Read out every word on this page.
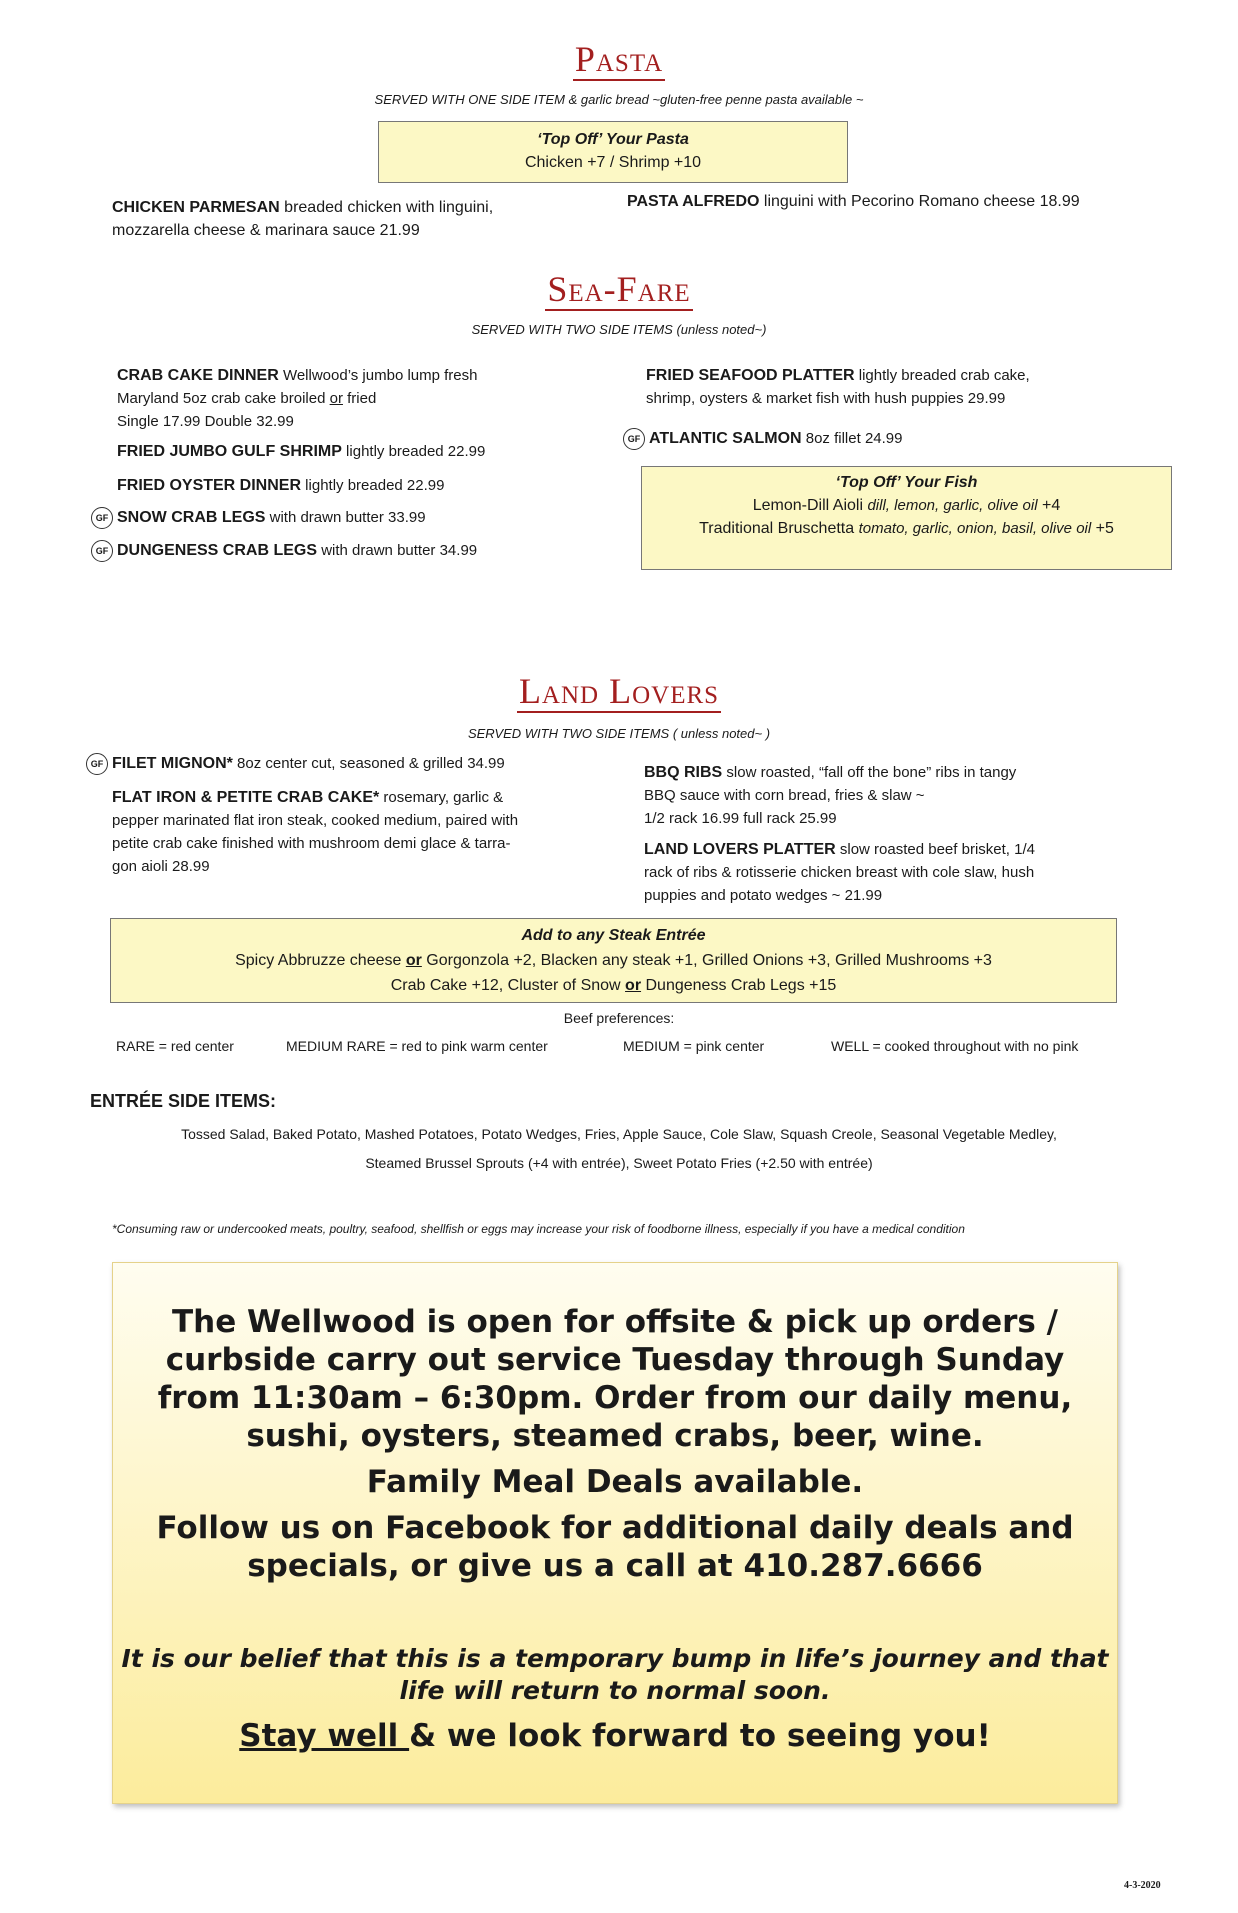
Pasta
SERVED WITH ONE SIDE ITEM & garlic bread ~gluten-free penne pasta available ~
‘Top Off’ Your Pasta
Chicken +7 / Shrimp +10
CHICKEN PARMESAN breaded chicken with linguini,
mozzarella cheese & marinara sauce 21.99
PASTA ALFREDO linguini with Pecorino Romano cheese 18.99
Sea-Fare
SERVED WITH TWO SIDE ITEMS (unless noted~)
CRAB CAKE DINNER Wellwood’s jumbo lump fresh
Maryland 5oz crab cake broiled or fried
Single 17.99 Double 32.99
FRIED JUMBO GULF SHRIMP lightly breaded 22.99
FRIED OYSTER DINNER lightly breaded 22.99
GF SNOW CRAB LEGS with drawn butter 33.99
GF DUNGENESS CRAB LEGS with drawn butter 34.99
FRIED SEAFOOD PLATTER lightly breaded crab cake,
shrimp, oysters & market fish with hush puppies 29.99
GF ATLANTIC SALMON 8oz fillet 24.99
‘Top Off’ Your Fish
Lemon-Dill Aioli dill, lemon, garlic, olive oil +4
Traditional Bruschetta tomato, garlic, onion, basil, olive oil +5
Land Lovers
SERVED WITH TWO SIDE ITEMS ( unless noted~ )
GF FILET MIGNON* 8oz center cut, seasoned & grilled 34.99
FLAT IRON & PETITE CRAB CAKE* rosemary, garlic &
pepper marinated flat iron steak, cooked medium, paired with
petite crab cake finished with mushroom demi glace & tarra-
gon aioli 28.99
BBQ RIBS slow roasted, “fall off the bone” ribs in tangy
BBQ sauce with corn bread, fries & slaw ~
1/2 rack 16.99 full rack 25.99
LAND LOVERS PLATTER slow roasted beef brisket, 1/4
rack of ribs & rotisserie chicken breast with cole slaw, hush
puppies and potato wedges ~ 21.99
Add to any Steak Entrée
Spicy Abbruzze cheese or Gorgonzola +2, Blacken any steak +1, Grilled Onions +3, Grilled Mushrooms +3
Crab Cake +12, Cluster of Snow or Dungeness Crab Legs +15
Beef preferences:
RARE = red center	MEDIUM RARE = red to pink warm center	MEDIUM = pink center	WELL = cooked throughout with no pink
ENTRÉE SIDE ITEMS:
Tossed Salad, Baked Potato, Mashed Potatoes, Potato Wedges, Fries, Apple Sauce, Cole Slaw, Squash Creole, Seasonal Vegetable Medley,
Steamed Brussel Sprouts (+4 with entrée), Sweet Potato Fries (+2.50 with entrée)
*Consuming raw or undercooked meats, poultry, seafood, shellfish or eggs may increase your risk of foodborne illness, especially if you have a medical condition

The Wellwood is open for offsite & pick up orders / curbside carry out service Tuesday through Sunday from 11:30am – 6:30pm. Order from our daily menu, sushi, oysters, steamed crabs, beer, wine.

Family Meal Deals available.

Follow us on Facebook for additional daily deals and specials, or give us a call at 410.287.6666

It is our belief that this is a temporary bump in life’s journey and that life will return to normal soon.

Stay well & we look forward to seeing you!

4-3-2020
